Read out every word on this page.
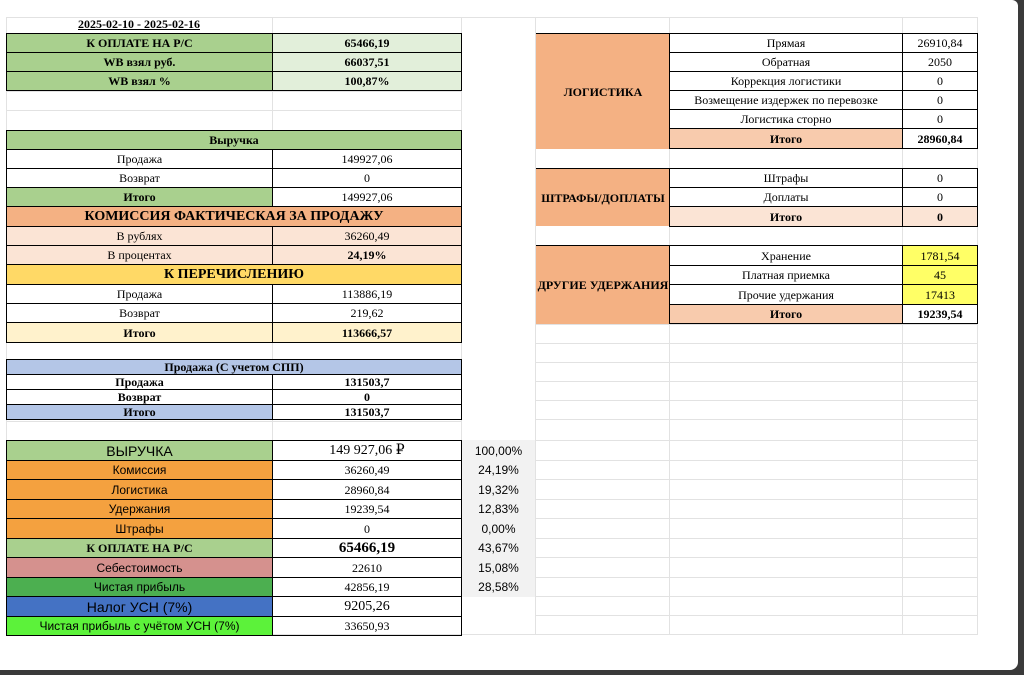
2025-02-10 - 2025-02-16
К ОПЛАТЕ НА Р/С	65466,19
WB взял руб.	66037,51
WB взял %	100,87%
Выручка
Продажа	149927,06
Возврат	0
Итого	149927,06
КОМИССИЯ ФАКТИЧЕСКАЯ ЗА ПРОДАЖУ
В рублях	36260,49
В процентах	24,19%
К ПЕРЕЧИСЛЕНИЮ
Продажа	113886,19
Возврат	219,62
Итого	113666,57
Продажа (С учетом СПП)
Продажа	131503,7
Возврат	0
Итого	131503,7
ВЫРУЧКА	149 927,06 ₽	100,00%
Комиссия	36260,49	24,19%
Логистика	28960,84	19,32%
Удержания	19239,54	12,83%
Штрафы	0	0,00%
К ОПЛАТЕ НА Р/С	65466,19	43,67%
Себестоимость	22610	15,08%
Чистая прибыль	42856,19	28,58%
Налог УСН (7%)	9205,26
Чистая прибыль с учётом УСН (7%)	33650,93
ЛОГИСТИКА
Прямая	26910,84
Обратная	2050
Коррекция логистики	0
Возмещение издержек по перевозке	0
Логистика сторно	0
Итого	28960,84
ШТРАФЫ/ДОПЛАТЫ
Штрафы	0
Доплаты	0
Итого	0
ДРУГИЕ УДЕРЖАНИЯ
Хранение	1781,54
Платная приемка	45
Прочие удержания	17413
Итого	19239,54
